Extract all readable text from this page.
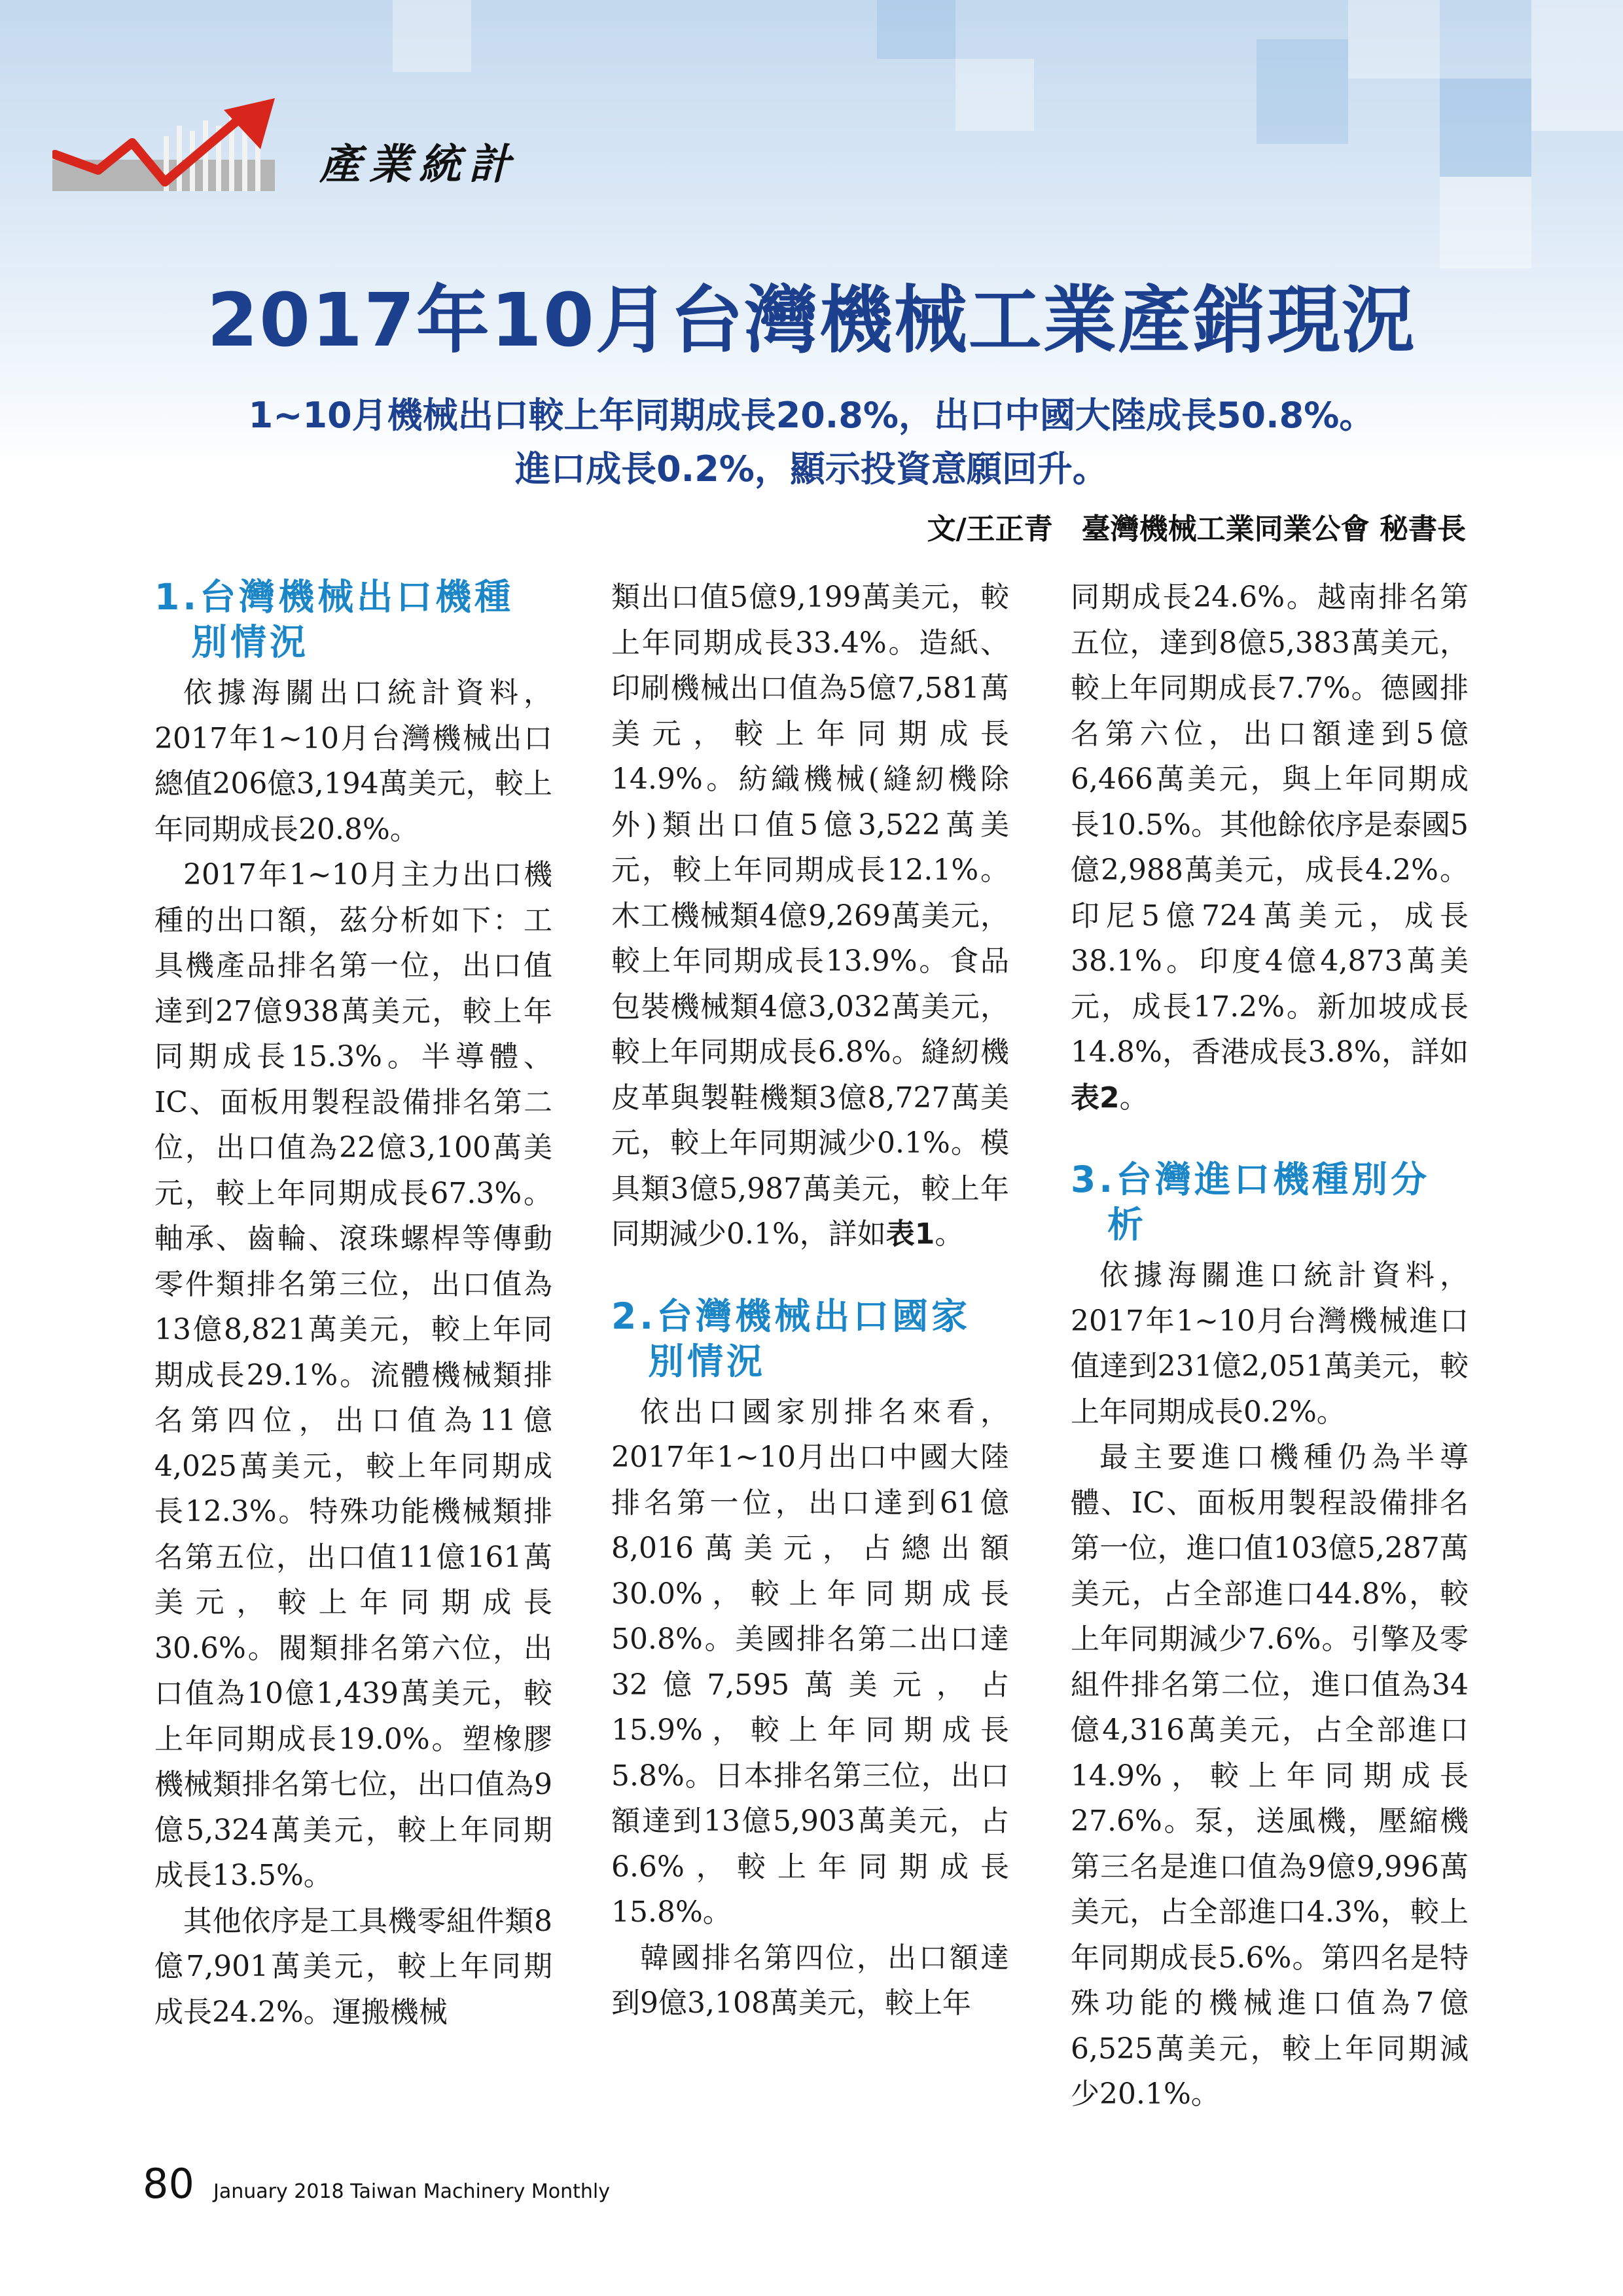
產業統計
2017年10月台灣機械工業產銷現況
1~10月機械出口較上年同期成長20.8%，出口中國大陸成長50.8%。
進口成長0.2%，顯示投資意願回升。
文/王正青　臺灣機械工業同業公會 秘書長
1.台灣機械出口機種別情況

依據海關出口統計資料，2017年1~10月台灣機械出口總值206億3,194萬美元，較上年同期成長20.8%。

2017年1~10月主力出口機種的出口額，茲分析如下：工具機產品排名第一位，出口值達到27億938萬美元，較上年同期成長15.3%。半導體、IC、面板用製程設備排名第二位，出口值為22億3,100萬美元，較上年同期成長67.3%。軸承、齒輪、滾珠螺桿等傳動零件類排名第三位，出口值為13億8,821萬美元，較上年同期成長29.1%。流體機械類排名第四位，出口值為11億4,025萬美元，較上年同期成長12.3%。特殊功能機械類排名第五位，出口值11億161萬美元，較上年同期成長30.6%。閥類排名第六位，出口值為10億1,439萬美元，較上年同期成長19.0%。塑橡膠機械類排名第七位，出口值為9億5,324萬美元，較上年同期成長13.5%。

其他依序是工具機零組件類8億7,901萬美元，較上年同期成長24.2%。運搬機械

類出口值5億9,199萬美元，較上年同期成長33.4%。造紙、印刷機械出口值為5億7,581萬美元，較上年同期成長14.9%。紡織機械(縫紉機除外)類出口值5億3,522萬美元，較上年同期成長12.1%。木工機械類4億9,269萬美元，較上年同期成長13.9%。食品包裝機械類4億3,032萬美元，較上年同期成長6.8%。縫紉機皮革與製鞋機類3億8,727萬美元，較上年同期減少0.1%。模具類3億5,987萬美元，較上年同期減少0.1%，詳如表1。

2.台灣機械出口國家別情況

依出口國家別排名來看，2017年1~10月出口中國大陸排名第一位，出口達到61億8,016萬美元，占總出額30.0%，較上年同期成長50.8%。美國排名第二出口達32億7,595萬美元，占15.9%，較上年同期成長5.8%。日本排名第三位，出口額達到13億5,903萬美元，占6.6%，較上年同期成長15.8%。

韓國排名第四位，出口額達到9億3,108萬美元，較上年

同期成長24.6%。越南排名第五位，達到8億5,383萬美元，較上年同期成長7.7%。德國排名第六位，出口額達到5億6,466萬美元，與上年同期成長10.5%。其他餘依序是泰國5億2,988萬美元，成長4.2%。印尼5億724萬美元，成長38.1%。印度4億4,873萬美元，成長17.2%。新加坡成長14.8%，香港成長3.8%，詳如表2。

3.台灣進口機種別分析

依據海關進口統計資料，2017年1~10月台灣機械進口值達到231億2,051萬美元，較上年同期成長0.2%。

最主要進口機種仍為半導體、IC、面板用製程設備排名第一位，進口值103億5,287萬美元，占全部進口44.8%，較上年同期減少7.6%。引擎及零組件排名第二位，進口值為34億4,316萬美元，占全部進口14.9%，較上年同期成長27.6%。泵，送風機，壓縮機第三名是進口值為9億9,996萬美元，占全部進口4.3%，較上年同期成長5.6%。第四名是特殊功能的機械進口值為7億6,525萬美元，較上年同期減少20.1%。

80 January 2018 Taiwan Machinery Monthly
